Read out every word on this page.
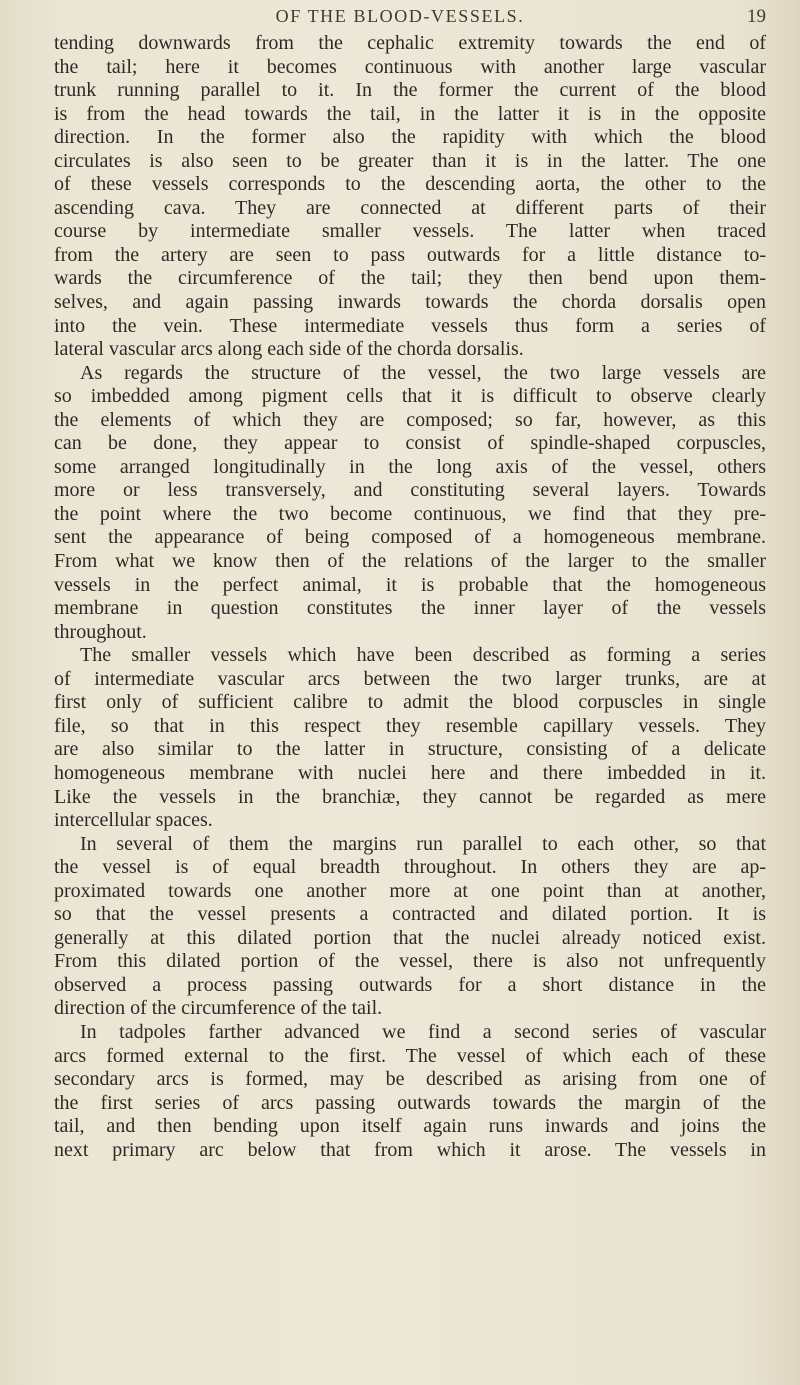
OF THE BLOOD-VESSELS.	19
tending downwards from the cephalic extremity towards the end of
the tail; here it becomes continuous with another large vascular
trunk running parallel to it. In the former the current of the blood
is from the head towards the tail, in the latter it is in the opposite
direction. In the former also the rapidity with which the blood
circulates is also seen to be greater than it is in the latter. The one
of these vessels corresponds to the descending aorta, the other to the
ascending cava. They are connected at different parts of their
course by intermediate smaller vessels. The latter when traced
from the artery are seen to pass outwards for a little distance to-
wards the circumference of the tail; they then bend upon them-
selves, and again passing inwards towards the chorda dorsalis open
into the vein. These intermediate vessels thus form a series of
lateral vascular arcs along each side of the chorda dorsalis.
As regards the structure of the vessel, the two large vessels are
so imbedded among pigment cells that it is difficult to observe clearly
the elements of which they are composed; so far, however, as this
can be done, they appear to consist of spindle-shaped corpuscles,
some arranged longitudinally in the long axis of the vessel, others
more or less transversely, and constituting several layers. Towards
the point where the two become continuous, we find that they pre-
sent the appearance of being composed of a homogeneous membrane.
From what we know then of the relations of the larger to the smaller
vessels in the perfect animal, it is probable that the homogeneous
membrane in question constitutes the inner layer of the vessels
throughout.
The smaller vessels which have been described as forming a series
of intermediate vascular arcs between the two larger trunks, are at
first only of sufficient calibre to admit the blood corpuscles in single
file, so that in this respect they resemble capillary vessels. They
are also similar to the latter in structure, consisting of a delicate
homogeneous membrane with nuclei here and there imbedded in it.
Like the vessels in the branchiæ, they cannot be regarded as mere
intercellular spaces.
In several of them the margins run parallel to each other, so that
the vessel is of equal breadth throughout. In others they are ap-
proximated towards one another more at one point than at another,
so that the vessel presents a contracted and dilated portion. It is
generally at this dilated portion that the nuclei already noticed exist.
From this dilated portion of the vessel, there is also not unfrequently
observed a process passing outwards for a short distance in the
direction of the circumference of the tail.
In tadpoles farther advanced we find a second series of vascular
arcs formed external to the first. The vessel of which each of these
secondary arcs is formed, may be described as arising from one of
the first series of arcs passing outwards towards the margin of the
tail, and then bending upon itself again runs inwards and joins the
next primary arc below that from which it arose. The vessels in
